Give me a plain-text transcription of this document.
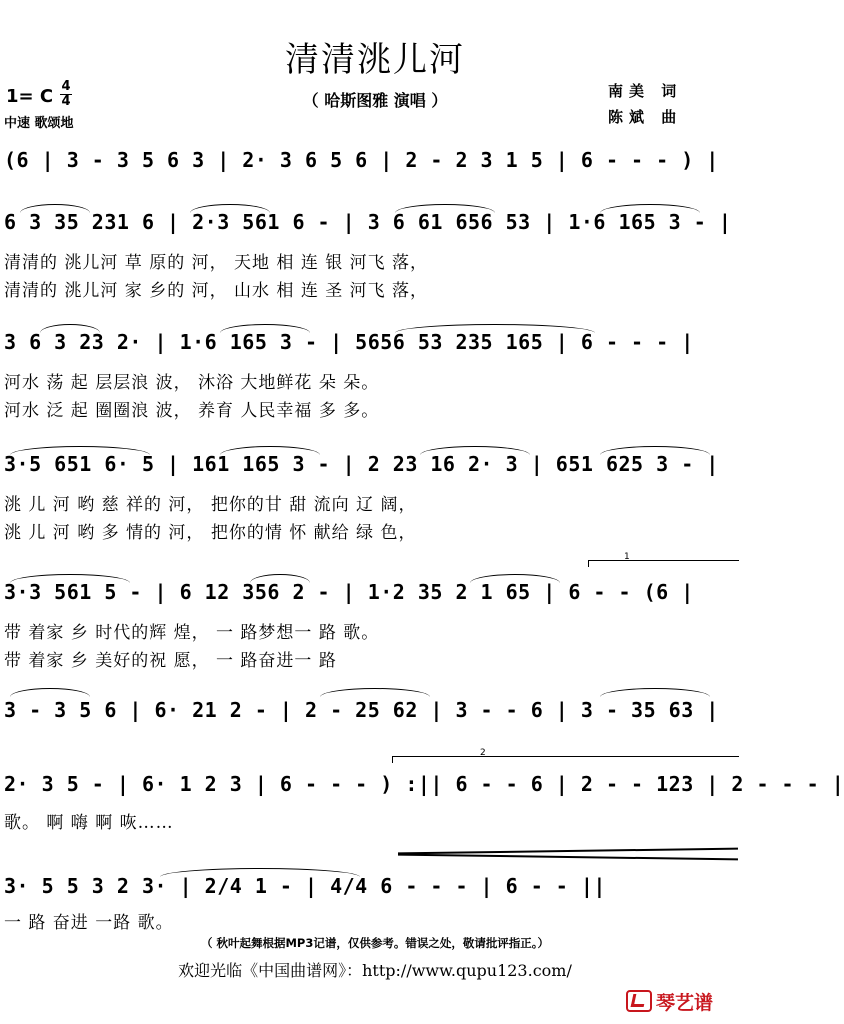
清清洮儿河
（ 哈斯图雅 演唱 ）
1= C 4
4
中速 歌颂地
南美 词
陈斌 曲
(6 | 3 - 3 5 6 3 | 2· 3 6 5 6 | 2 - 2 3 1 5 | 6 - - - ) |
6 3 35 231 6 | 2·3 561 6 - | 3 6 61 656 53 | 1·6 165 3 - |
清清的 洮儿河 草 原的 河， 天地 相 连 银 河飞 落，
清清的 洮儿河 家 乡的 河， 山水 相 连 圣 河飞 落，
3 6 3 23 2· | 1·6 165 3 - | 5656 53 235 165 | 6 - - - |
河水 荡 起 层层浪 波， 沐浴 大地鲜花 朵 朵。
河水 泛 起 圈圈浪 波， 养育 人民幸福 多 多。
3·5 651 6· 5 | 161 165 3 - | 2 23 16 2· 3 | 651 625 3 - |
洮 儿 河 哟 慈 祥的 河， 把你的甘 甜 流向 辽 阔，
洮 儿 河 哟 多 情的 河， 把你的情 怀 献给 绿 色，
1
3·3 561 5 - | 6 12 356 2 - | 1·2 35 2 1 65 | 6 - - (6 |
带 着家 乡 时代的辉 煌， 一 路梦想一 路 歌。
带 着家 乡 美好的祝 愿， 一 路奋进一 路
3 - 3 5 6 | 6· 21 2 - | 2 - 25 62 | 3 - - 6 | 3 - 35 63 |
2
2· 3 5 - | 6· 1 2 3 | 6 - - - ) :|| 6 - - 6 | 2 - - 123 | 2 - - - |
歌。 啊 嗨 啊 咴……
3· 5 5 3 2 3· | 2/4 1 - | 4/4 6 - - - | 6 - - ||
一 路 奋进 一路 歌。
（ 秋叶起舞根据MP3记谱，仅供参考。错误之处，敬请批评指正。）
欢迎光临《中国曲谱网》：http://www.qupu123.com/
琴艺谱
